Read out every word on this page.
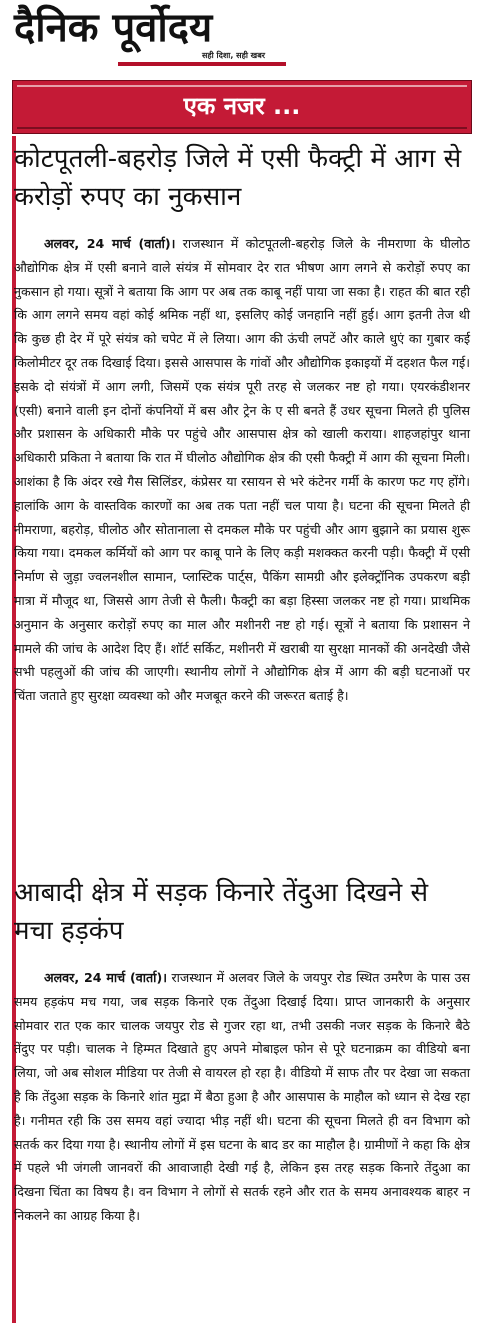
दैनिक पूर्वोदय
सही दिशा, सही खबर
एक नजर ...
कोटपूतली-बहरोड़ जिले में एसी फैक्ट्री में आग से करोड़ों रुपए का नुकसान

अलवर, 24 मार्च (वार्ता)। राजस्थान में कोटपूतली-बहरोड़ जिले के नीमराणा के घीलोठ औद्योगिक क्षेत्र में एसी बनाने वाले संयंत्र में सोमवार देर रात भीषण आग लगने से करोड़ों रुपए का नुकसान हो गया। सूत्रों ने बताया कि आग पर अब तक काबू नहीं पाया जा सका है। राहत की बात रही कि आग लगने समय वहां कोई श्रमिक नहीं था, इसलिए कोई जनहानि नहीं हुई। आग इतनी तेज थी कि कुछ ही देर में पूरे संयंत्र को चपेट में ले लिया। आग की ऊंची लपटें और काले धुएं का गुबार कई किलोमीटर दूर तक दिखाई दिया। इससे आसपास के गांवों और औद्योगिक इकाइयों में दहशत फैल गई। इसके दो संयंत्रों में आग लगी, जिसमें एक संयंत्र पूरी तरह से जलकर नष्ट हो गया। एयरकंडीशनर (एसी) बनाने वाली इन दोनों कंपनियों में बस और ट्रेन के ए सी बनते हैं उधर सूचना मिलते ही पुलिस और प्रशासन के अधिकारी मौके पर पहुंचे और आसपास क्षेत्र को खाली कराया। शाहजहांपुर थाना अधिकारी प्रकिता ने बताया कि रात में घीलोठ औद्योगिक क्षेत्र की एसी फैक्ट्री में आग की सूचना मिली। आशंका है कि अंदर रखे गैस सिलिंडर, कंप्रेसर या रसायन से भरे कंटेनर गर्मी के कारण फट गए होंगे। हालांकि आग के वास्तविक कारणों का अब तक पता नहीं चल पाया है। घटना की सूचना मिलते ही नीमराणा, बहरोड़, घीलोठ और सोतानाला से दमकल मौके पर पहुंची और आग बुझाने का प्रयास शुरू किया गया। दमकल कर्मियों को आग पर काबू पाने के लिए कड़ी मशक्कत करनी पड़ी। फैक्ट्री में एसी निर्माण से जुड़ा ज्वलनशील सामान, प्लास्टिक पार्ट्स, पैकिंग सामग्री और इलेक्ट्रॉनिक उपकरण बड़ी मात्रा में मौजूद था, जिससे आग तेजी से फैली। फैक्ट्री का बड़ा हिस्सा जलकर नष्ट हो गया। प्राथमिक अनुमान के अनुसार करोड़ों रुपए का माल और मशीनरी नष्ट हो गई। सूत्रों ने बताया कि प्रशासन ने मामले की जांच के आदेश दिए हैं। शॉर्ट सर्किट, मशीनरी में खराबी या सुरक्षा मानकों की अनदेखी जैसे सभी पहलुओं की जांच की जाएगी। स्थानीय लोगों ने औद्योगिक क्षेत्र में आग की बड़ी घटनाओं पर चिंता जताते हुए सुरक्षा व्यवस्था को और मजबूत करने की जरूरत बताई है।

आबादी क्षेत्र में सड़क किनारे तेंदुआ दिखने से मचा हड़कंप

अलवर, 24 मार्च (वार्ता)। राजस्थान में अलवर जिले के जयपुर रोड स्थित उमरैण के पास उस समय हड़कंप मच गया, जब सड़क किनारे एक तेंदुआ दिखाई दिया। प्राप्त जानकारी के अनुसार सोमवार रात एक कार चालक जयपुर रोड से गुजर रहा था, तभी उसकी नजर सड़क के किनारे बैठे तेंदुए पर पड़ी। चालक ने हिम्मत दिखाते हुए अपने मोबाइल फोन से पूरे घटनाक्रम का वीडियो बना लिया, जो अब सोशल मीडिया पर तेजी से वायरल हो रहा है। वीडियो में साफ तौर पर देखा जा सकता है कि तेंदुआ सड़क के किनारे शांत मुद्रा में बैठा हुआ है और आसपास के माहौल को ध्यान से देख रहा है। गनीमत रही कि उस समय वहां ज्यादा भीड़ नहीं थी। घटना की सूचना मिलते ही वन विभाग को सतर्क कर दिया गया है। स्थानीय लोगों में इस घटना के बाद डर का माहौल है। ग्रामीणों ने कहा कि क्षेत्र में पहले भी जंगली जानवरों की आवाजाही देखी गई है, लेकिन इस तरह सड़क किनारे तेंदुआ का दिखना चिंता का विषय है। वन विभाग ने लोगों से सतर्क रहने और रात के समय अनावश्यक बाहर न निकलने का आग्रह किया है।
